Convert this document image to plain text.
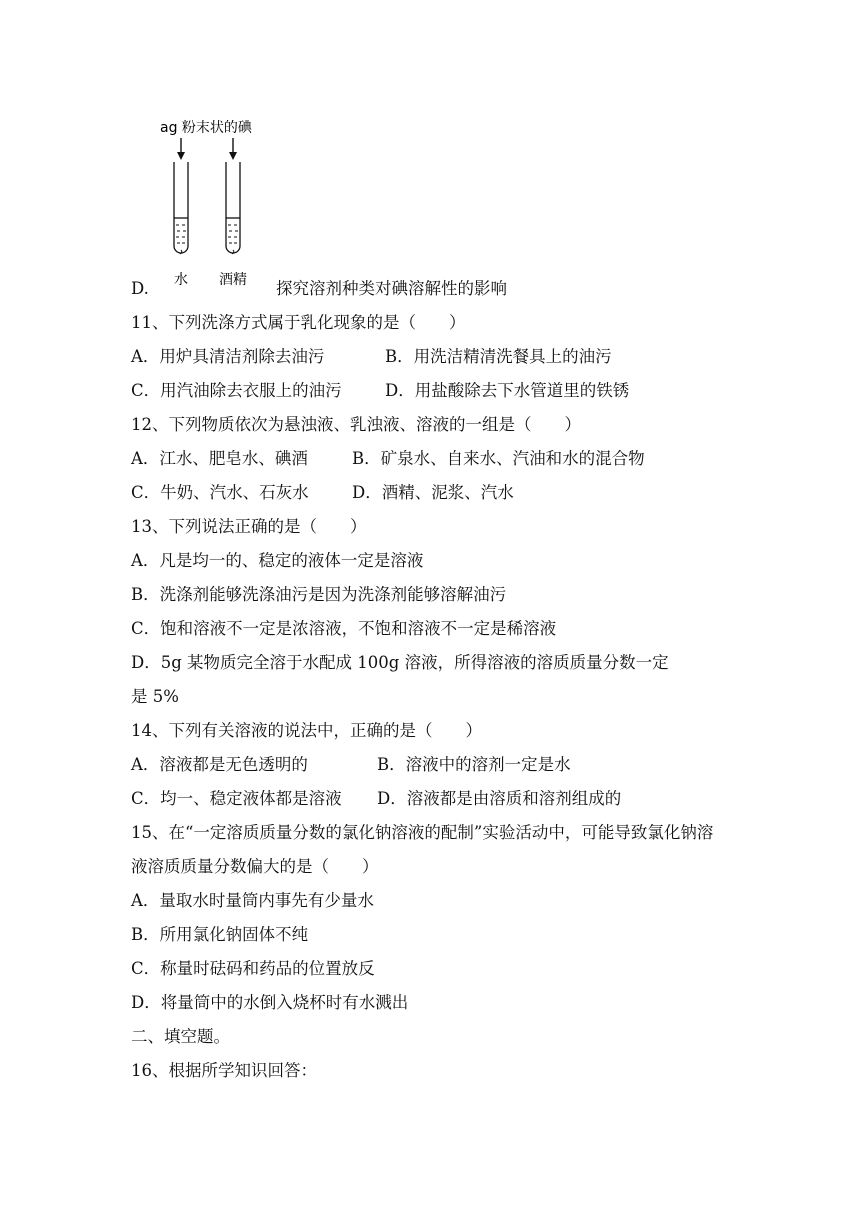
ag 粉末状的碘
水 酒精
D.	探究溶剂种类对碘溶解性的影响
11、下列洗涤方式属于乳化现象的是（　　）
A．用炉具清洁剂除去油污	B．用洗洁精清洗餐具上的油污
C．用汽油除去衣服上的油污	D．用盐酸除去下水管道里的铁锈
12、下列物质依次为悬浊液、乳浊液、溶液的一组是（　　）
A．江水、肥皂水、碘酒	B．矿泉水、自来水、汽油和水的混合物
C．牛奶、汽水、石灰水	D．酒精、泥浆、汽水
13、下列说法正确的是（　　）
A．凡是均一的、稳定的液体一定是溶液
B．洗涤剂能够洗涤油污是因为洗涤剂能够溶解油污
C．饱和溶液不一定是浓溶液，不饱和溶液不一定是稀溶液
D．5g 某物质完全溶于水配成 100g 溶液，所得溶液的溶质质量分数一定
是 5%
14、下列有关溶液的说法中，正确的是（　　）
A．溶液都是无色透明的	B．溶液中的溶剂一定是水
C．均一、稳定液体都是溶液 D．溶液都是由溶质和溶剂组成的
15、在“一定溶质质量分数的氯化钠溶液的配制”实验活动中，可能导致氯化钠溶
液溶质质量分数偏大的是（　　）
A．量取水时量筒内事先有少量水
B．所用氯化钠固体不纯
C．称量时砝码和药品的位置放反
D．将量筒中的水倒入烧杯时有水溅出
二、填空题。
16、根据所学知识回答：
